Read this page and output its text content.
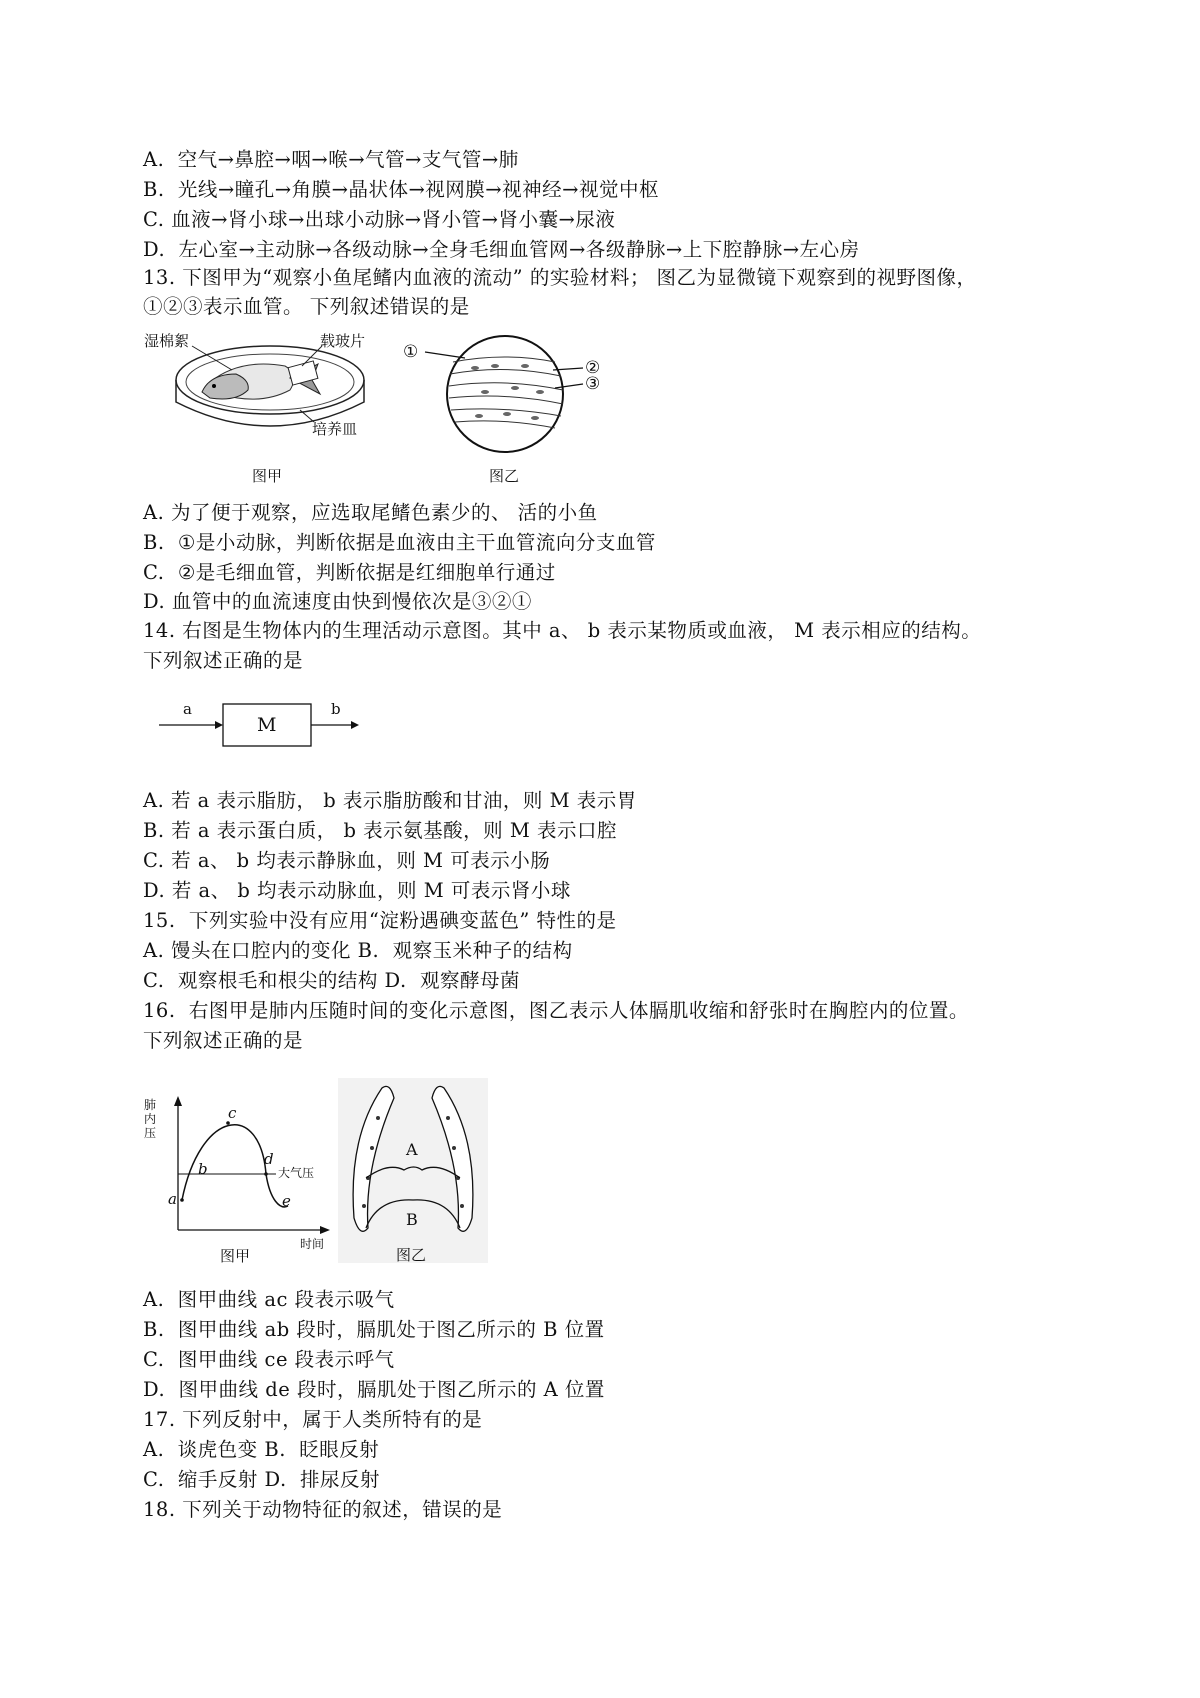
A.  空气→鼻腔→咽→喉→气管→支气管→肺
B.  光线→瞳孔→角膜→晶状体→视网膜→视神经→视觉中枢
C. 血液→肾小球→出球小动脉→肾小管→肾小囊→尿液
D.  左心室→主动脉→各级动脉→全身毛细血管网→各级静脉→上下腔静脉→左心房
13. 下图甲为“观察小鱼尾鳍内血液的流动” 的实验材料； 图乙为显微镜下观察到的视野图像，
①②③表示血管。 下列叙述错误的是
湿棉絮	载玻片
培养皿
图甲
①
②
③
图乙
A. 为了便于观察，应选取尾鳍色素少的、 活的小鱼
B.  ①是小动脉，判断依据是血液由主干血管流向分支血管
C.  ②是毛细血管，判断依据是红细胞单行通过
D. 血管中的血流速度由快到慢依次是③②①
14. 右图是生物体内的生理活动示意图。其中 a、 b 表示某物质或血液， M 表示相应的结构。
下列叙述正确的是
a
M
b
A. 若 a 表示脂肪， b 表示脂肪酸和甘油，则 M 表示胃
B. 若 a 表示蛋白质， b 表示氨基酸，则 M 表示口腔
C. 若 a、 b 均表示静脉血，则 M 可表示小肠
D. 若 a、 b 均表示动脉血，则 M 可表示肾小球
15.  下列实验中没有应用“淀粉遇碘变蓝色” 特性的是
A. 馒头在口腔内的变化 B.  观察玉米种子的结构
C.  观察根毛和根尖的结构 D.  观察酵母菌
16.  右图甲是肺内压随时间的变化示意图，图乙表示人体膈肌收缩和舒张时在胸腔内的位置。
下列叙述正确的是
肺内压
大气压
时间
a
b
c
d
e
图甲
A
B
图乙
A.  图甲曲线 ac 段表示吸气
B.  图甲曲线 ab 段时，膈肌处于图乙所示的 B 位置
C.  图甲曲线 ce 段表示呼气
D.  图甲曲线 de 段时，膈肌处于图乙所示的 A 位置
17. 下列反射中，属于人类所特有的是
A.  谈虎色变 B.  眨眼反射
C.  缩手反射 D.  排尿反射
18. 下列关于动物特征的叙述，错误的是
